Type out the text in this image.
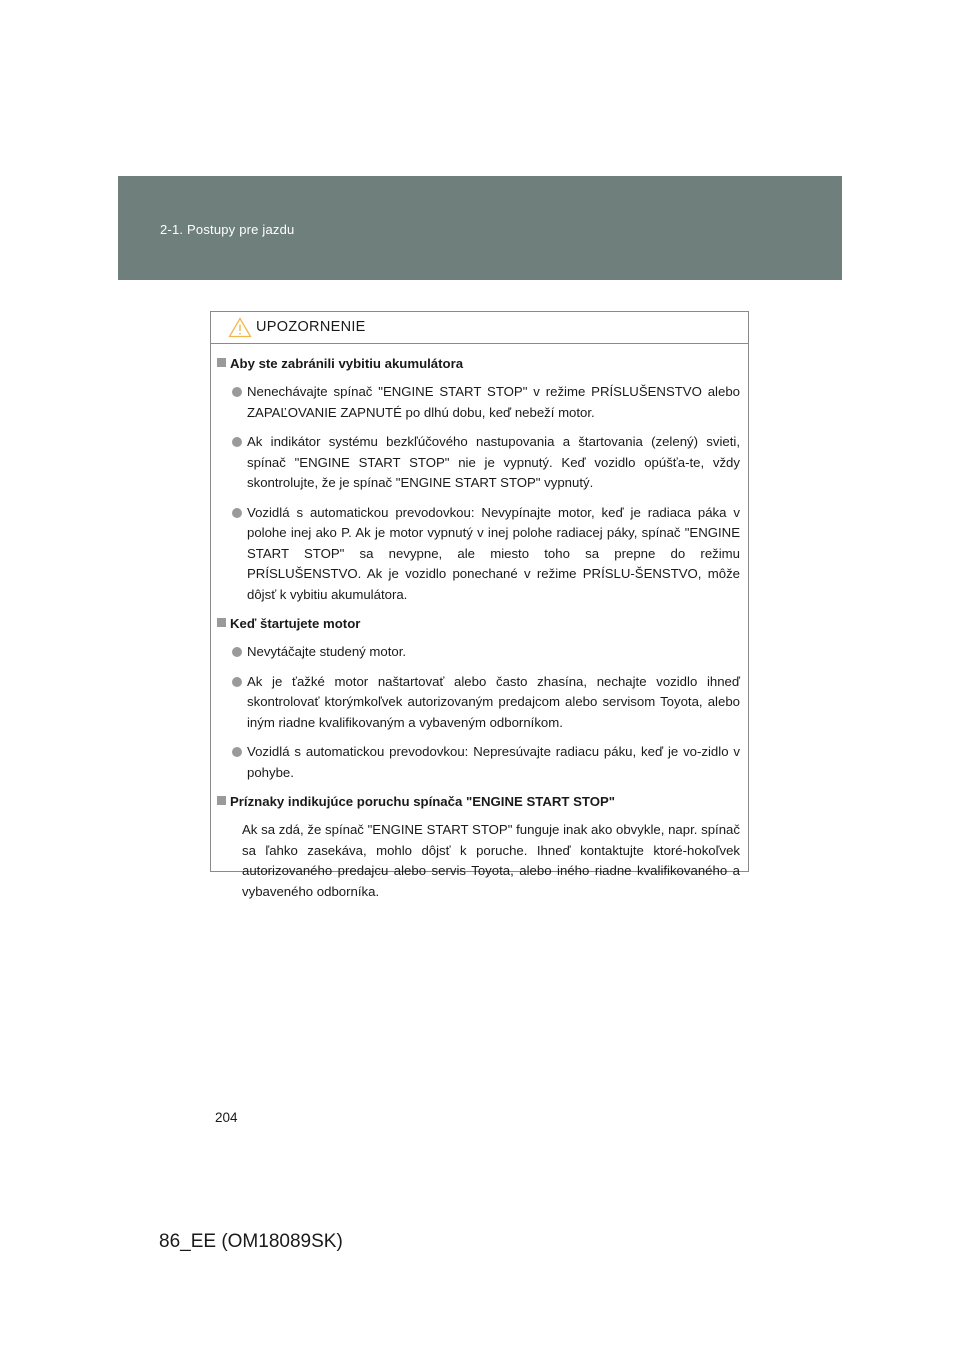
2-1. Postupy pre jazdu
UPOZORNENIE
Aby ste zabránili vybitiu akumulátora
Nenechávajte spínač "ENGINE START STOP" v režime PRÍSLUŠENSTVO alebo ZAPAĽOVANIE ZAPNUTÉ po dlhú dobu, keď nebeží motor.
Ak indikátor systému bezkľúčového nastupovania a štartovania (zelený) svieti, spínač "ENGINE START STOP" nie je vypnutý. Keď vozidlo opúšťa-te, vždy skontrolujte, že je spínač "ENGINE START STOP" vypnutý.
Vozidlá s automatickou prevodovkou: Nevypínajte motor, keď je radiaca páka v polohe inej ako P. Ak je motor vypnutý v inej polohe radiacej páky, spínač "ENGINE START STOP" sa nevypne, ale miesto toho sa prepne do režimu PRÍSLUŠENSTVO. Ak je vozidlo ponechané v režime PRÍSLU-ŠENSTVO, môže dôjsť k vybitiu akumulátora.
Keď štartujete motor
Nevytáčajte studený motor.
Ak je ťažké motor naštartovať alebo často zhasína, nechajte vozidlo ihneď skontrolovať ktorýmkoľvek autorizovaným predajcom alebo servisom Toyota, alebo iným riadne kvalifikovaným a vybaveným odborníkom.
Vozidlá s automatickou prevodovkou: Nepresúvajte radiacu páku, keď je vo-zidlo v pohybe.
Príznaky indikujúce poruchu spínača "ENGINE START STOP"
Ak sa zdá, že spínač "ENGINE START STOP" funguje inak ako obvykle, napr. spínač sa ľahko zasekáva, mohlo dôjsť k poruche. Ihneď kontaktujte ktoré-hokoľvek autorizovaného predajcu alebo servis Toyota, alebo iného riadne kvalifikovaného a vybaveného odborníka.
204
86_EE (OM18089SK)
